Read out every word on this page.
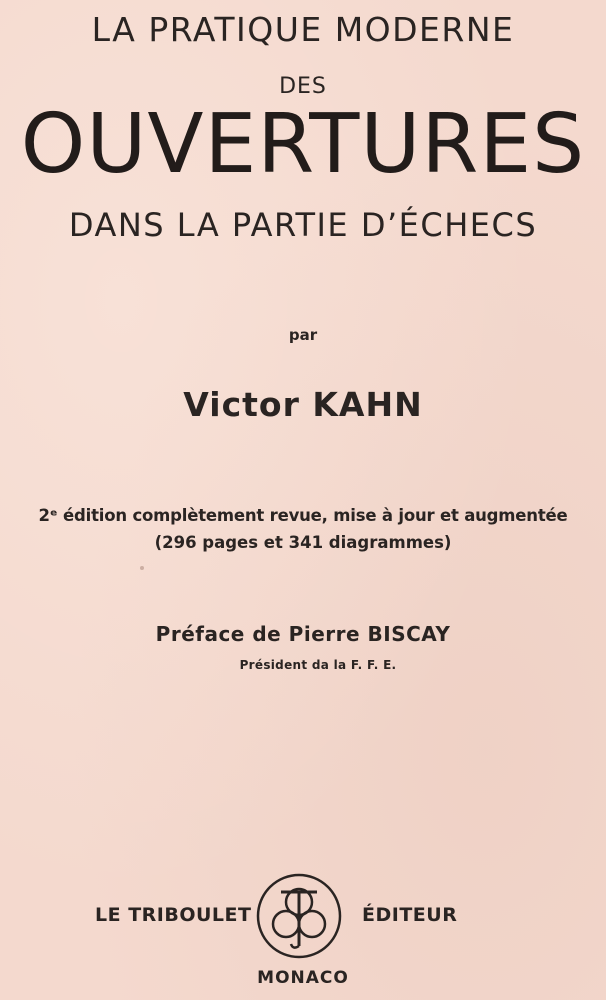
LA PRATIQUE MODERNE
DES
OUVERTURES
DANS LA PARTIE D’ÉCHECS
par
Victor KAHN
2ᵉ édition complètement revue, mise à jour et augmentée
(296 pages et 341 diagrammes)
Préface de Pierre BISCAY
Président da la F. F. E.
LE TRIBOULET	ÉDITEUR
MONACO
